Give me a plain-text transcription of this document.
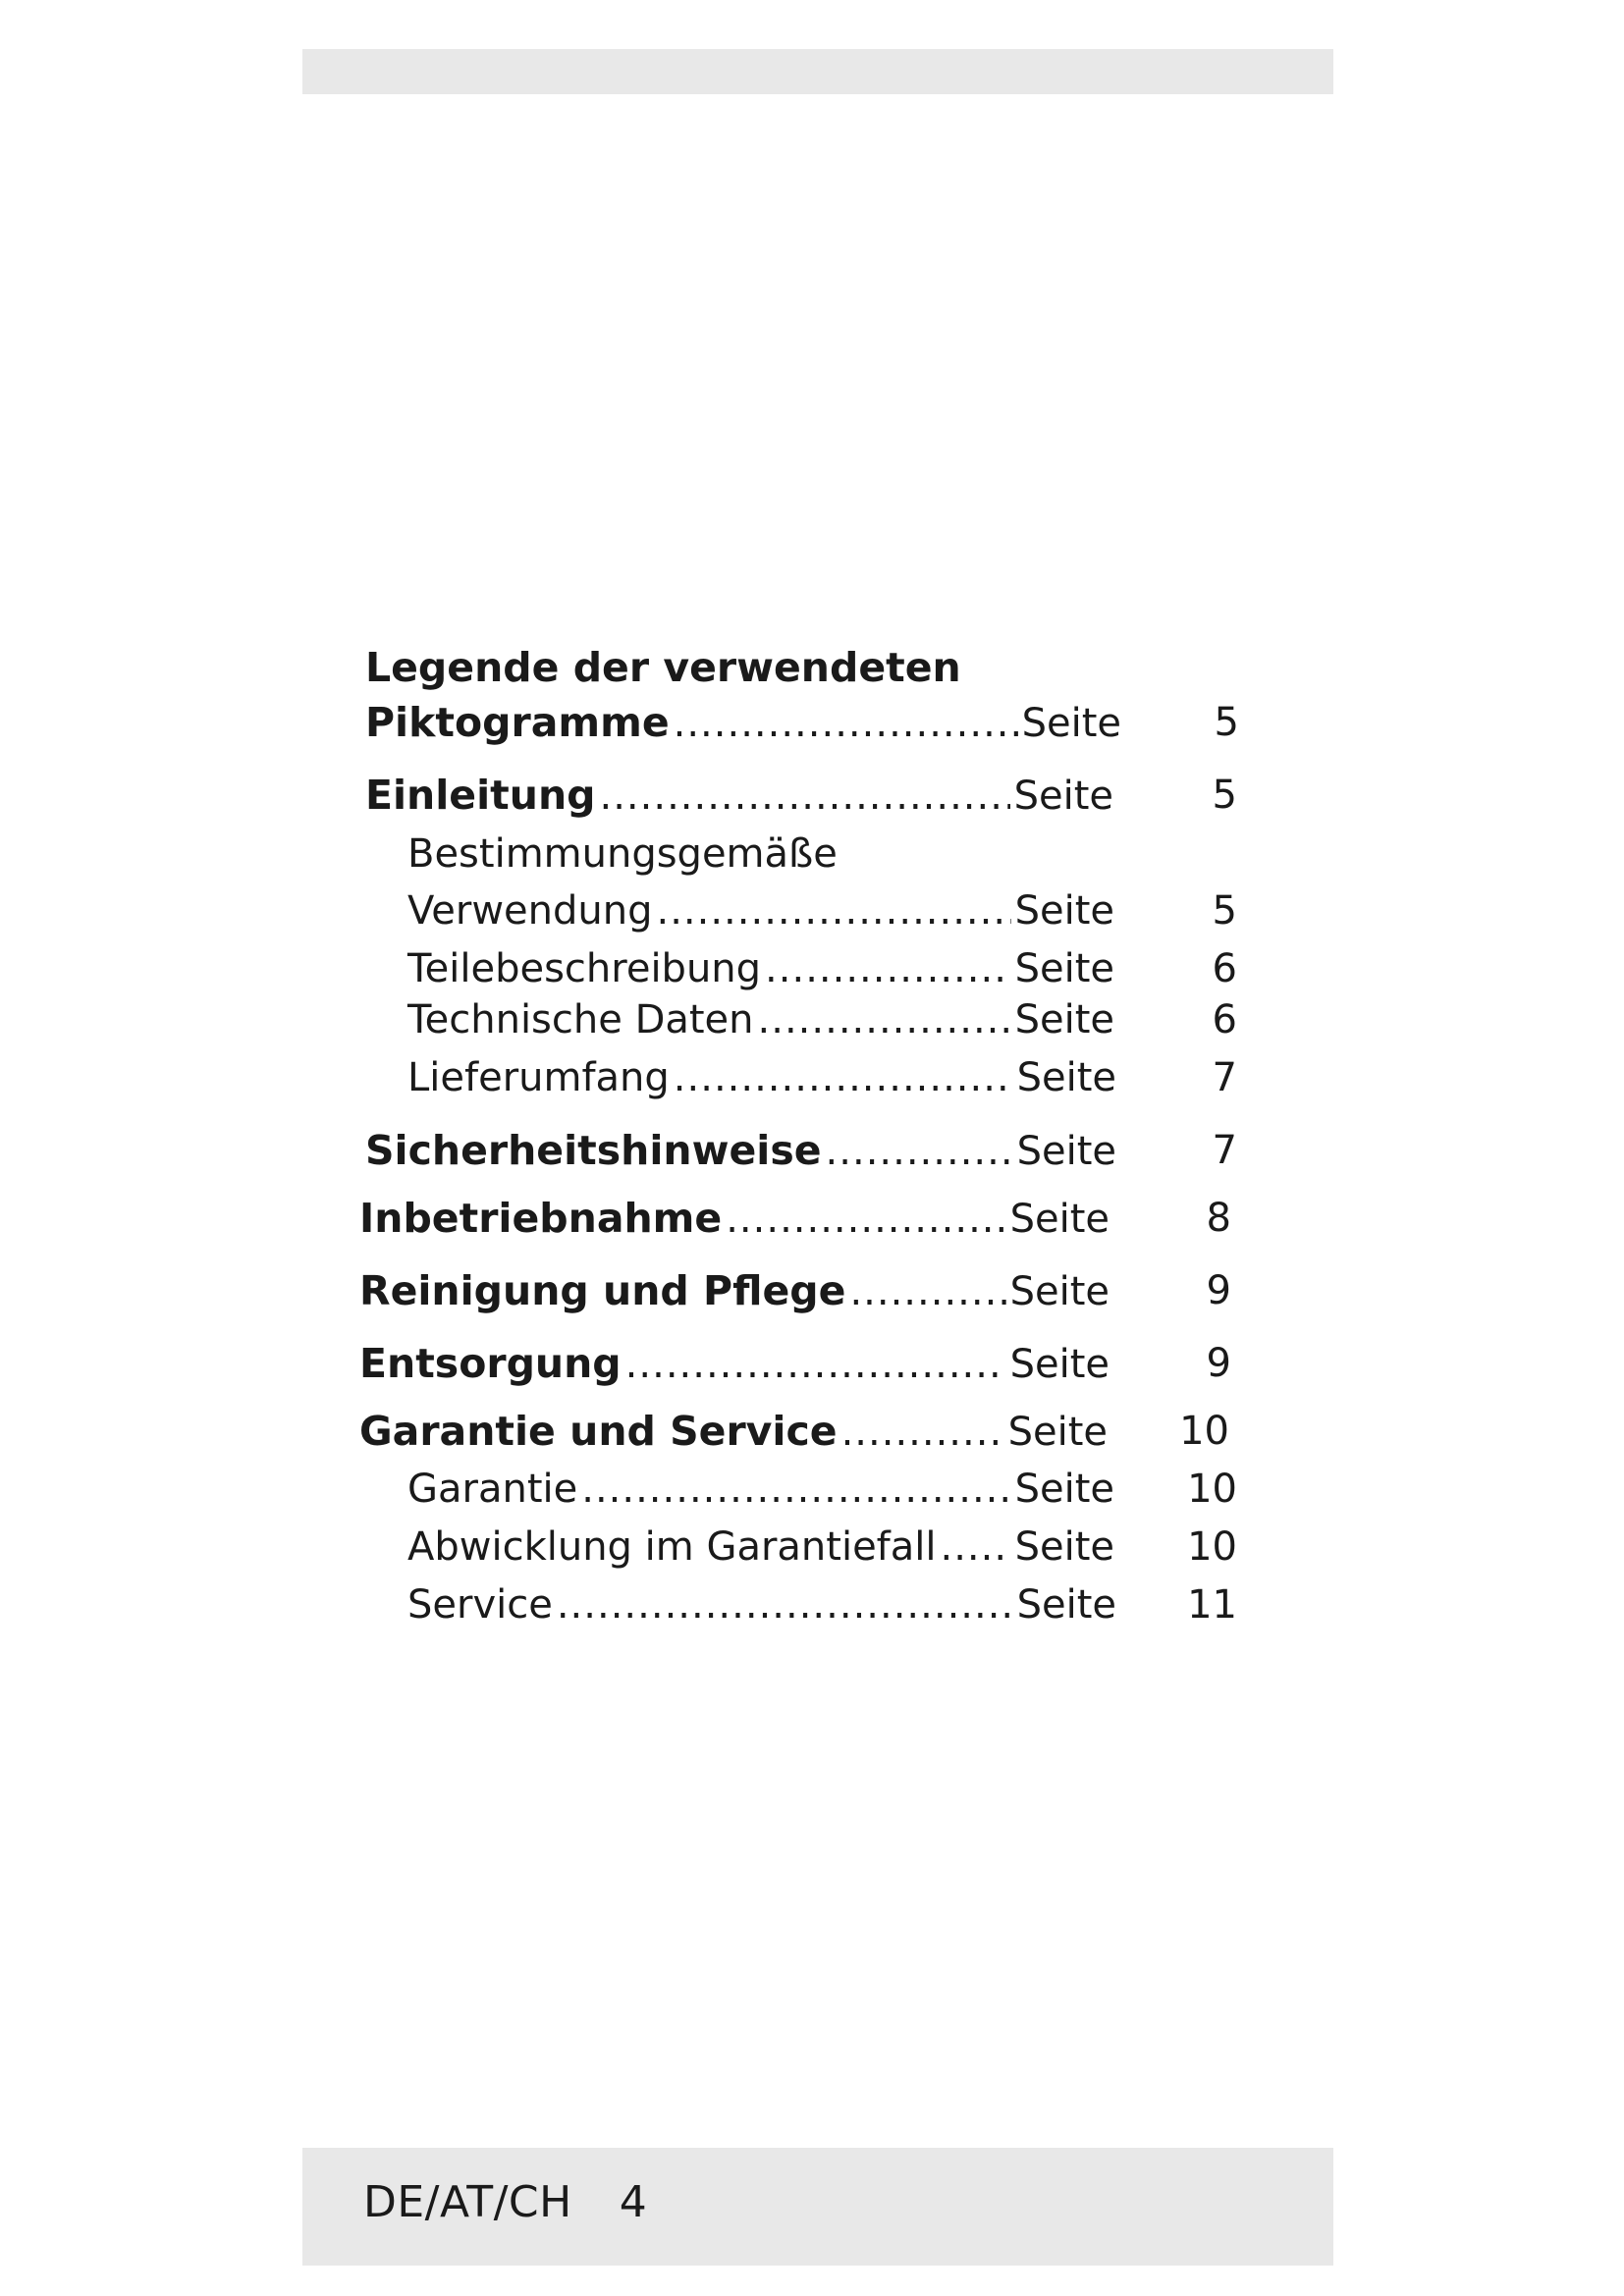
Legende der verwendeten
Piktogramme .....	Seite	5
Einleitung .....	Seite	5
Bestimmungsgemäße
Verwendung .....	Seite	5
Teilebeschreibung .....	Seite	6
Technische Daten .....	Seite	6
Lieferumfang .....	Seite	7
Sicherheitshinweise .....	Seite	7
Inbetriebnahme .....	Seite	8
Reinigung und Pflege .....	Seite	9
Entsorgung .....	Seite	9
Garantie und Service .....	Seite 10
Garantie .....	Seite 10
Abwicklung im Garantiefall ..... Seite 10
Service .....	Seite 11
DE/AT/CH 4
